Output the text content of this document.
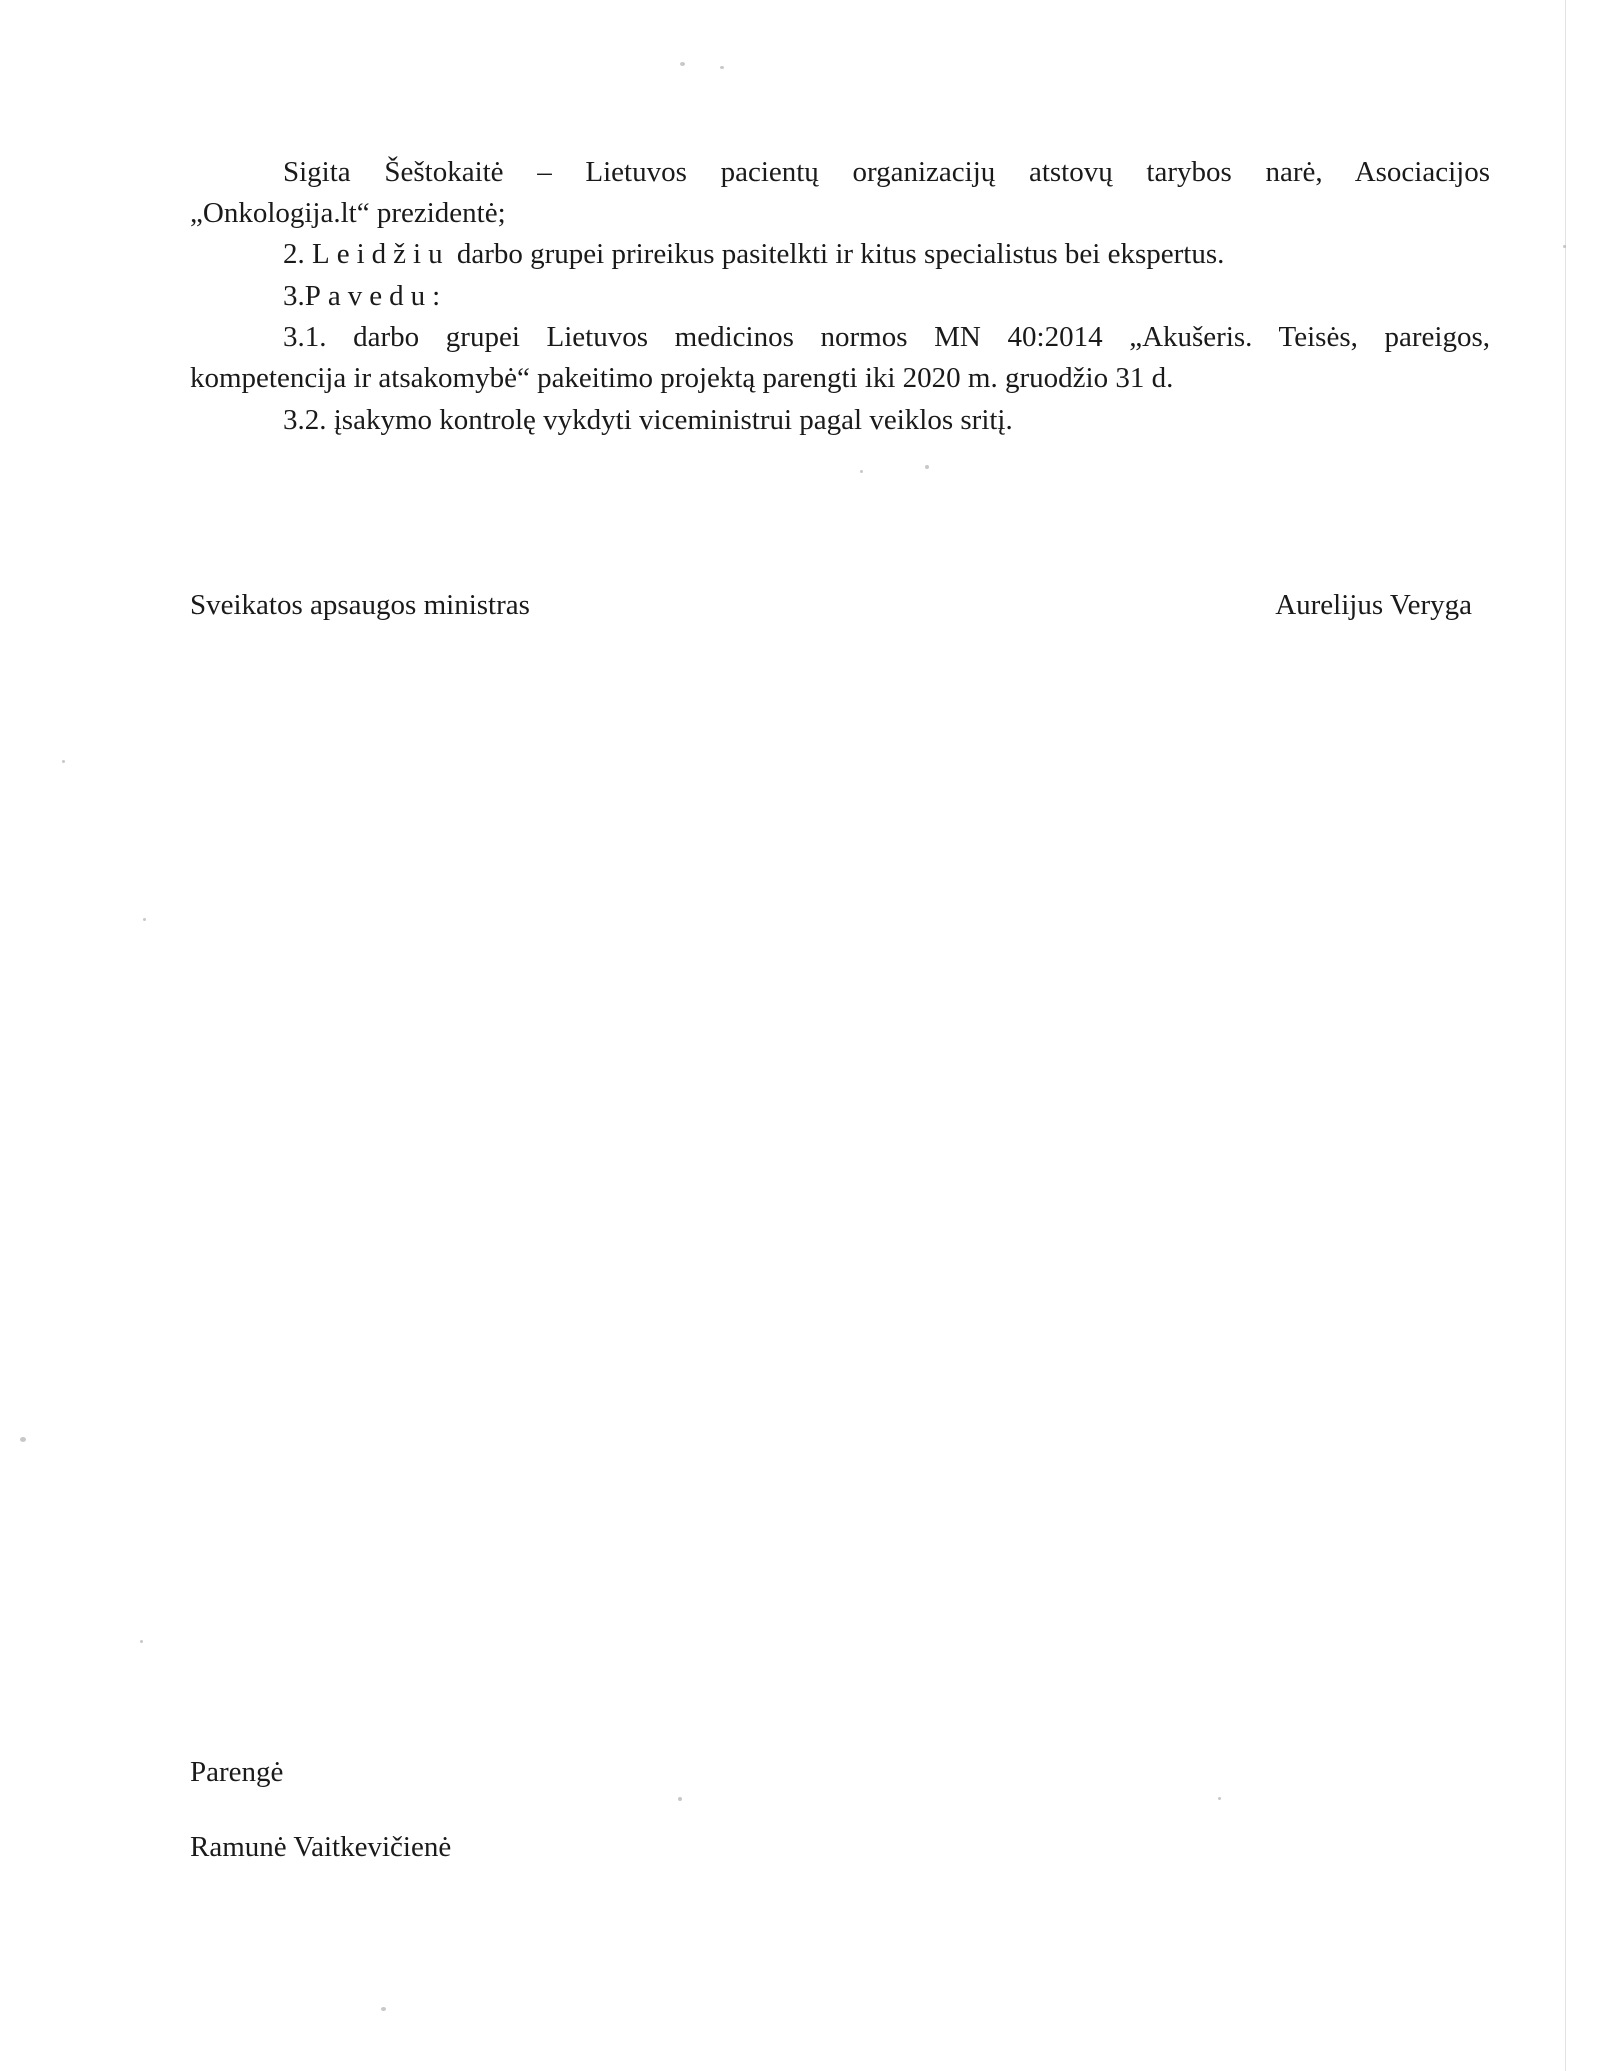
Sigita Šeštokaitė – Lietuvos pacientų organizacijų atstovų tarybos narė, Asociacijos
„Onkologija.lt“ prezidentė;
2. Leidžiu darbo grupei prireikus pasitelkti ir kitus specialistus bei ekspertus.
3.Pavedu:
3.1. darbo grupei Lietuvos medicinos normos MN 40:2014 „Akušeris. Teisės, pareigos,
kompetencija ir atsakomybė“ pakeitimo projektą parengti iki 2020 m. gruodžio 31 d.
3.2. įsakymo kontrolę vykdyti viceministrui pagal veiklos sritį.
Sveikatos apsaugos ministras	Aurelijus Veryga
Parengė
Ramunė Vaitkevičienė
